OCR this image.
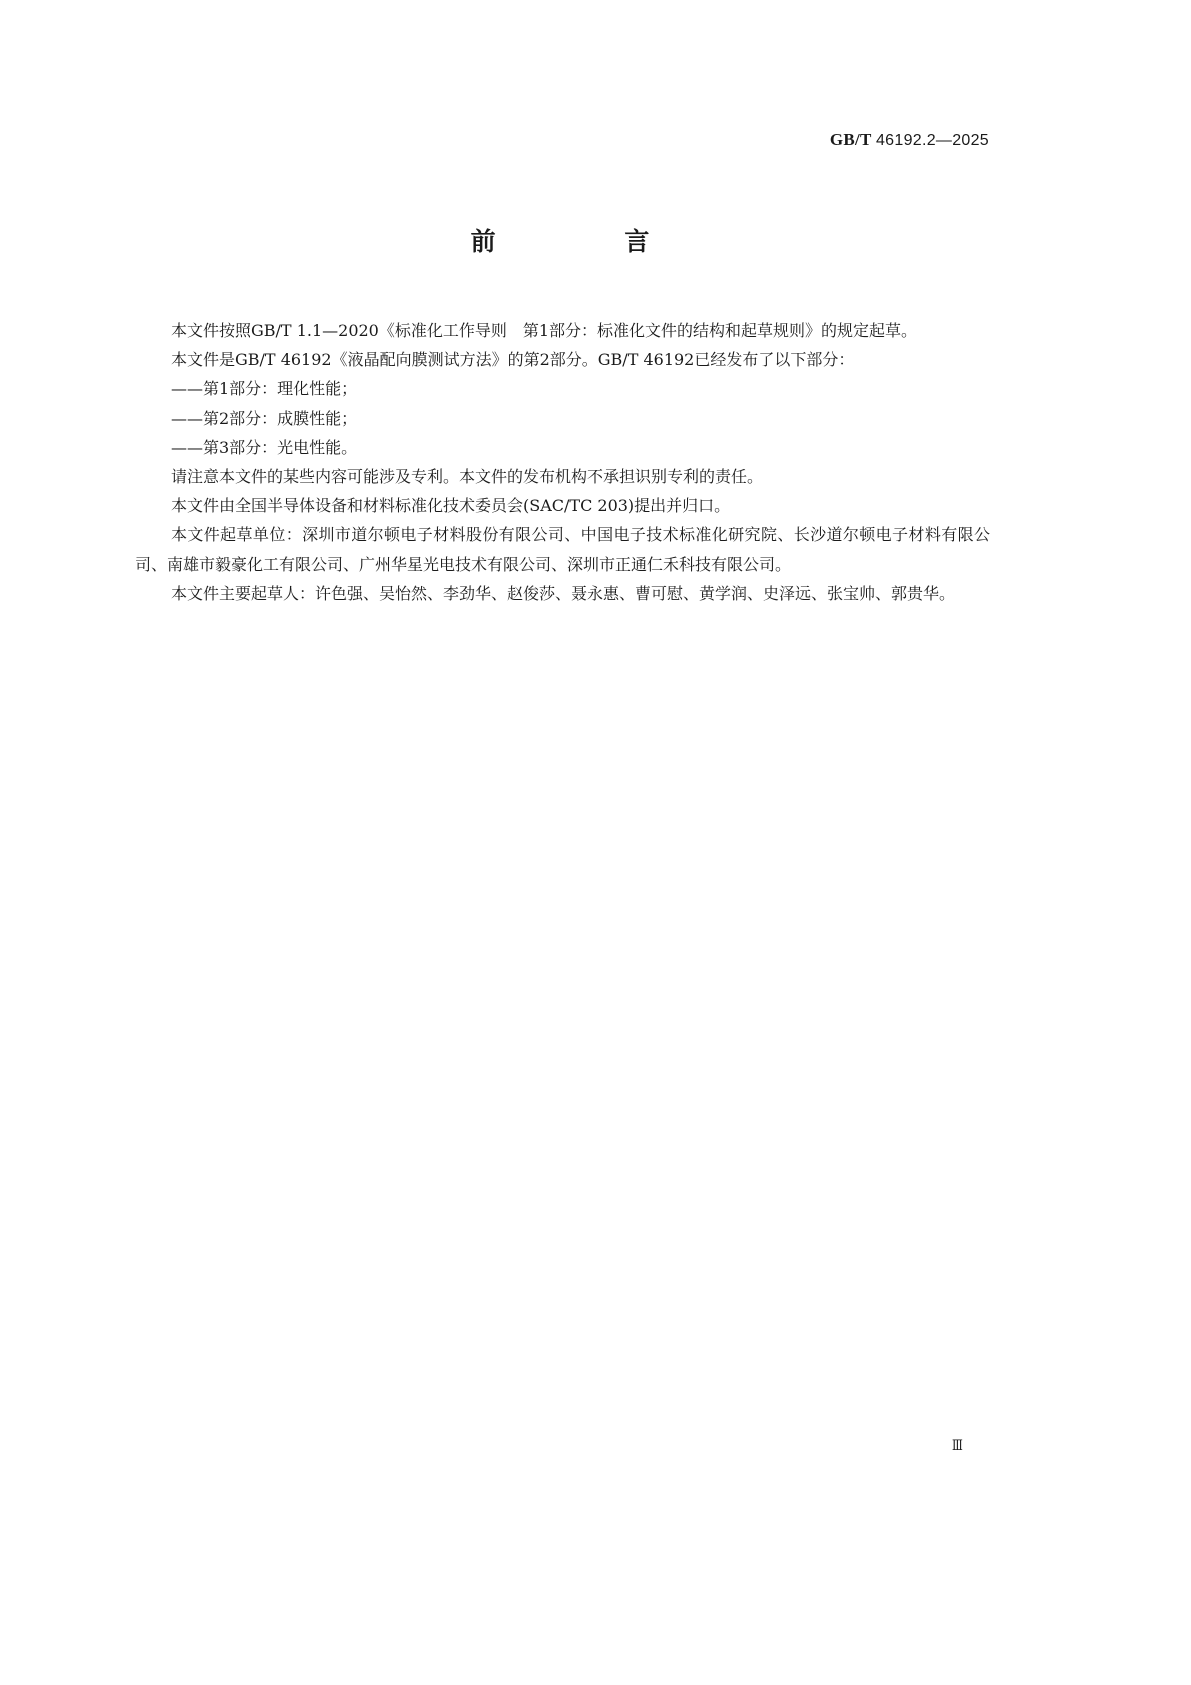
GB/T 46192.2—2025
前 言

本文件按照GB/T 1.1—2020《标准化工作导则　第1部分：标准化文件的结构和起草规则》的规定起草。

本文件是GB/T 46192《液晶配向膜测试方法》的第2部分。GB/T 46192已经发布了以下部分：

——第1部分：理化性能；

——第2部分：成膜性能；

——第3部分：光电性能。

请注意本文件的某些内容可能涉及专利。本文件的发布机构不承担识别专利的责任。

本文件由全国半导体设备和材料标准化技术委员会(SAC/TC 203)提出并归口。

本文件起草单位：深圳市道尔顿电子材料股份有限公司、中国电子技术标准化研究院、长沙道尔顿电子材料有限公司、南雄市毅豪化工有限公司、广州华星光电技术有限公司、深圳市正通仁禾科技有限公司。

本文件主要起草人：许色强、吴怡然、李劲华、赵俊莎、聂永惠、曹可慰、黄学润、史泽远、张宝帅、郭贵华。

Ⅲ
